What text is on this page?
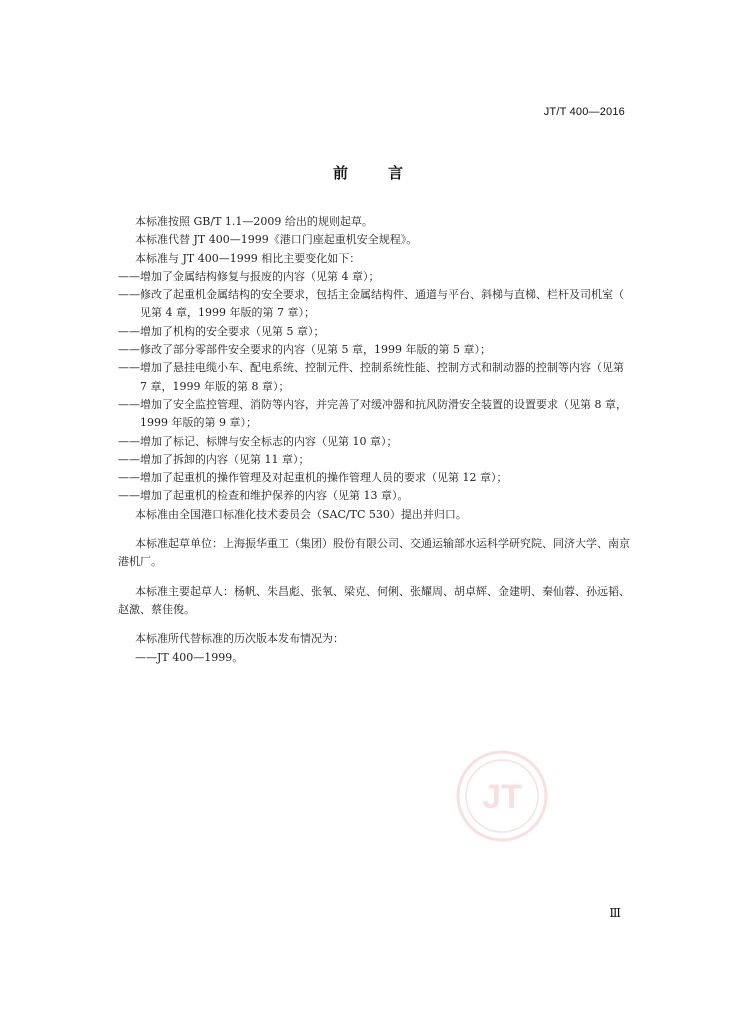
JT/T 400—2016
前	言

本标准按照 GB/T 1.1—2009 给出的规则起草。

本标准代替 JT 400—1999《港口门座起重机安全规程》。

本标准与 JT 400—1999 相比主要变化如下：

—— 增加了金属结构修复与报废的内容（见第 4 章）；
—— 修改了起重机金属结构的安全要求，包括主金属结构件、通道与平台、斜梯与直梯、栏杆及司机室（见第 4 章，1999 年版的第 7 章）；
—— 增加了机构的安全要求（见第 5 章）；
—— 修改了部分零部件安全要求的内容（见第 5 章，1999 年版的第 5 章）；
—— 增加了悬挂电缆小车、配电系统、控制元件、控制系统性能、控制方式和制动器的控制等内容（见第 7 章，1999 年版的第 8 章）；
—— 增加了安全监控管理、消防等内容，并完善了对缓冲器和抗风防滑安全装置的设置要求（见第 8 章，1999 年版的第 9 章）；
—— 增加了标记、标牌与安全标志的内容（见第 10 章）；
—— 增加了拆卸的内容（见第 11 章）；
—— 增加了起重机的操作管理及对起重机的操作管理人员的要求（见第 12 章）；
—— 增加了起重机的检查和维护保养的内容（见第 13 章）。

本标准由全国港口标准化技术委员会（SAC/TC 530）提出并归口。

本标准起草单位：上海振华重工（集团）股份有限公司、交通运输部水运科学研究院、同济大学、南京港机厂。

本标准主要起草人：杨帆、朱昌彪、张氧、梁克、何俐、张耀周、胡卓辉、金建明、秦仙蓉、孙远韬、赵激、蔡佳俊。

本标准所代替标准的历次版本发布情况为：

——JT 400—1999。

JT
Ⅲ
